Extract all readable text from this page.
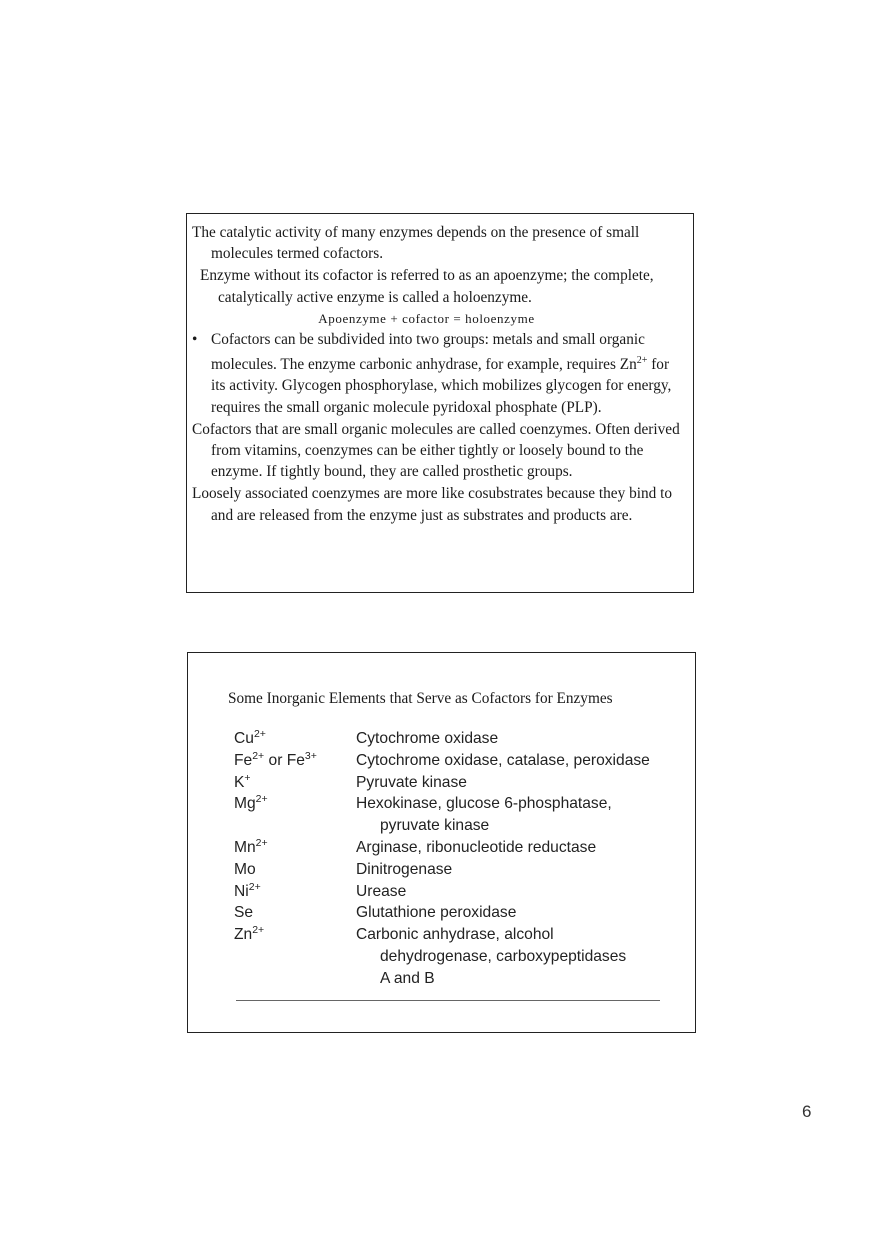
The catalytic activity of many enzymes depends on the presence of small molecules termed cofactors.

Enzyme without its cofactor is referred to as an apoenzyme; the complete, catalytically active enzyme is called a holoenzyme.

Apoenzyme + cofactor = holoenzyme
• Cofactors can be subdivided into two groups: metals and small organic molecules. The enzyme carbonic anhydrase, for example, requires $Zn^{2+}$ for its activity. Glycogen phosphorylase, which mobilizes glycogen for energy, requires the small organic molecule pyridoxal phosphate (PLP).

Cofactors that are small organic molecules are called coenzymes. Often derived from vitamins, coenzymes can be either tightly or loosely bound to the enzyme. If tightly bound, they are called prosthetic groups.

Loosely associated coenzymes are more like cosubstrates because they bind to and are released from the enzyme just as substrates and products are.

Some Inorganic Elements that Serve as Cofactors for Enzymes
$Cu^{2+}$	Cytochrome oxidase
$Fe^{2+}$ or $Fe^{3+}$	Cytochrome oxidase, catalase, peroxidase
K+	Pyruvate kinase
$Mg^{2+}$	Hexokinase, glucose 6-phosphatase,
pyruvate kinase
$Mn^{2+}$	Arginase, ribonucleotide reductase
Mo	Dinitrogenase
$Ni^{2+}$	Urease
Se	Glutathione peroxidase
$Zn^{2+}$	Carbonic anhydrase, alcohol
dehydrogenase, carboxypeptidases
A and B
6
